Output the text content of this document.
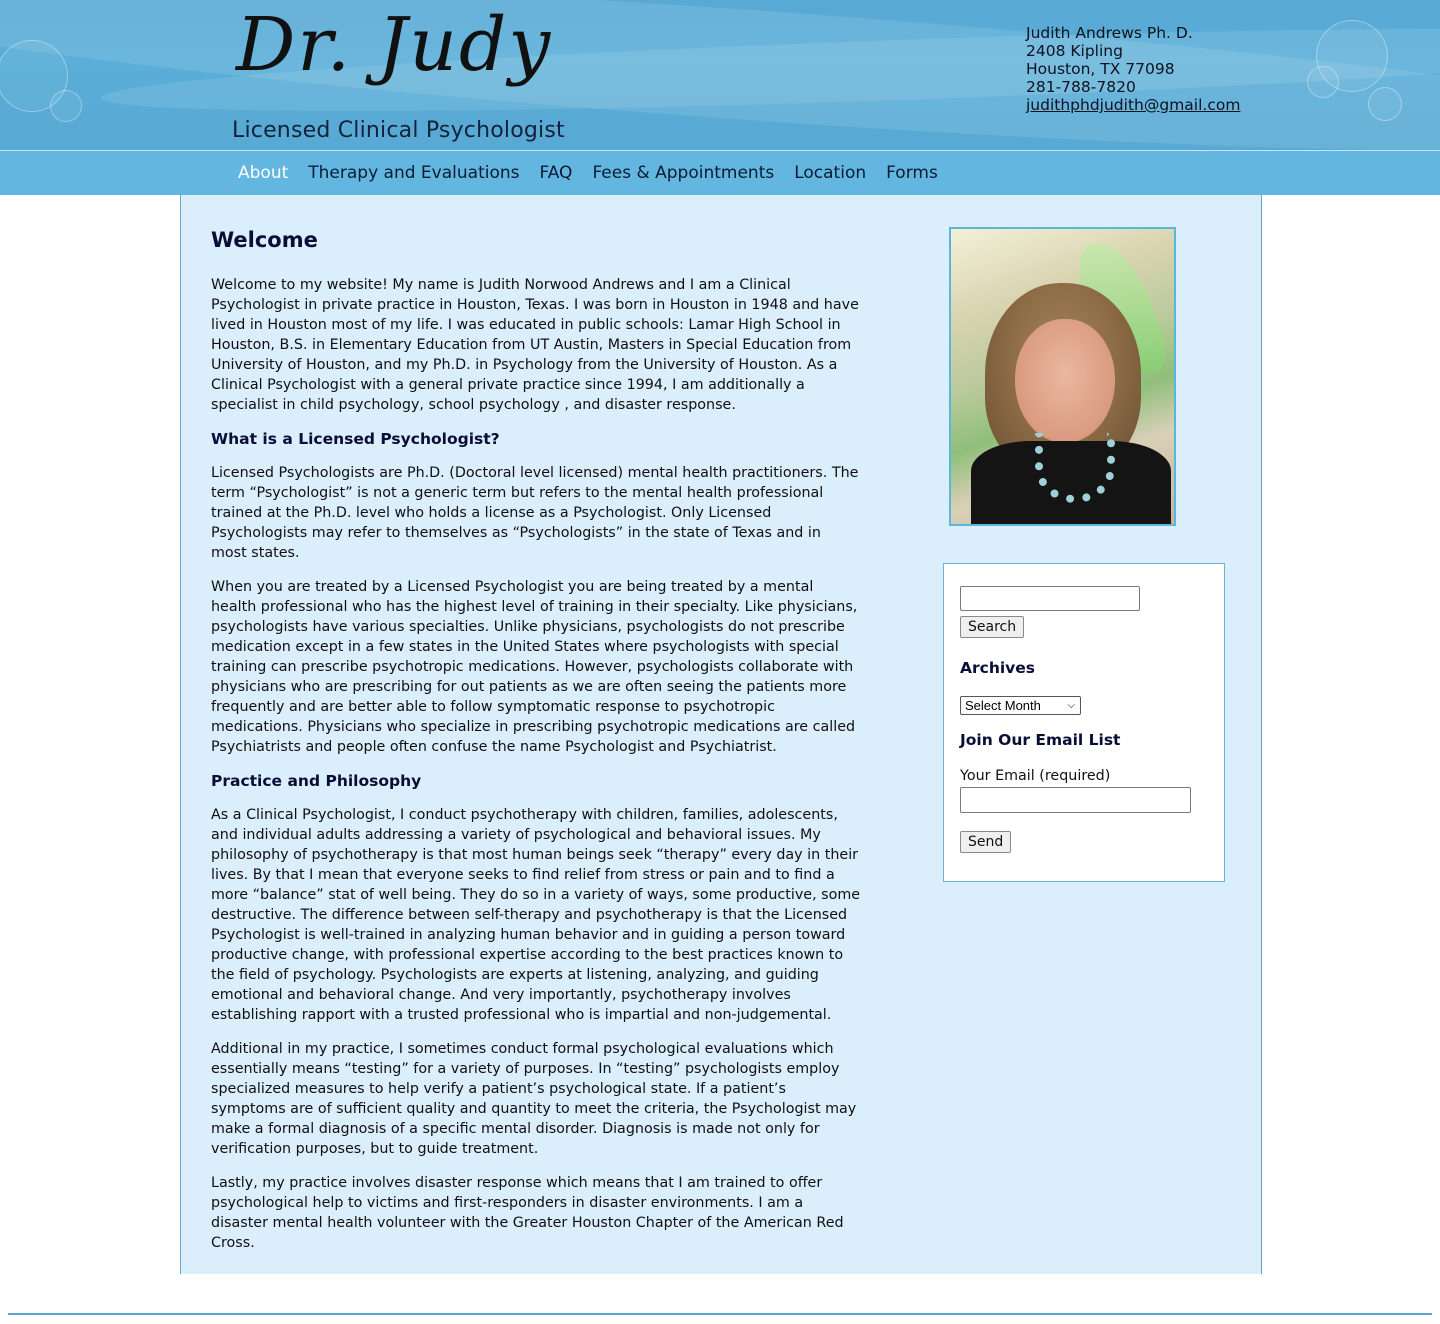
Dr. Judy
Licensed Clinical Psychologist
Judith Andrews Ph. D.
2408 Kipling
Houston, TX 77098
281-788-7820
judithphdjudith@gmail.com
About Therapy and Evaluations FAQ Fees & Appointments Location Forms
Welcome

Welcome to my website! My name is Judith Norwood Andrews and I am a Clinical Psychologist in private practice in Houston, Texas. I was born in Houston in 1948 and have lived in Houston most of my life. I was educated in public schools: Lamar High School in Houston, B.S. in Elementary Education from UT Austin, Masters in Special Education from University of Houston, and my Ph.D. in Psychology from the University of Houston. As a Clinical Psychologist with a general private practice since 1994, I am additionally a specialist in child psychology, school psychology , and disaster response.

What is a Licensed Psychologist?

Licensed Psychologists are Ph.D. (Doctoral level licensed) mental health practitioners. The term “Psychologist” is not a generic term but refers to the mental health professional trained at the Ph.D. level who holds a license as a Psychologist. Only Licensed Psychologists may refer to themselves as “Psychologists” in the state of Texas and in most states.

When you are treated by a Licensed Psychologist you are being treated by a mental health professional who has the highest level of training in their specialty. Like physicians, psychologists have various specialties. Unlike physicians, psychologists do not prescribe medication except in a few states in the United States where psychologists with special training can prescribe psychotropic medications. However, psychologists collaborate with physicians who are prescribing for out patients as we are often seeing the patients more frequently and are better able to follow symptomatic response to psychotropic medications. Physicians who specialize in prescribing psychotropic medications are called Psychiatrists and people often confuse the name Psychologist and Psychiatrist.

Practice and Philosophy

As a Clinical Psychologist, I conduct psychotherapy with children, families, adolescents, and individual adults addressing a variety of psychological and behavioral issues. My philosophy of psychotherapy is that most human beings seek “therapy” every day in their lives. By that I mean that everyone seeks to find relief from stress or pain and to find a more “balance” stat of well being. They do so in a variety of ways, some productive, some destructive. The difference between self-therapy and psychotherapy is that the Licensed Psychologist is well-trained in analyzing human behavior and in guiding a person toward productive change, with professional expertise according to the best practices known to the field of psychology. Psychologists are experts at listening, analyzing, and guiding emotional and behavioral change. And very importantly, psychotherapy involves establishing rapport with a trusted professional who is impartial and non-judgemental.

Additional in my practice, I sometimes conduct formal psychological evaluations which essentially means “testing” for a variety of purposes. In “testing” psychologists employ specialized measures to help verify a patient’s psychological state. If a patient’s symptoms are of sufficient quality and quantity to meet the criteria, the Psychologist may make a formal diagnosis of a specific mental disorder. Diagnosis is made not only for verification purposes, but to guide treatment.

Lastly, my practice involves disaster response which means that I am trained to offer psychological help to victims and first-responders in disaster environments. I am a disaster mental health volunteer with the Greater Houston Chapter of the American Red Cross.

Search
Archives
Select Month	⌵
Join Our Email List
Your Email (required)
Send
